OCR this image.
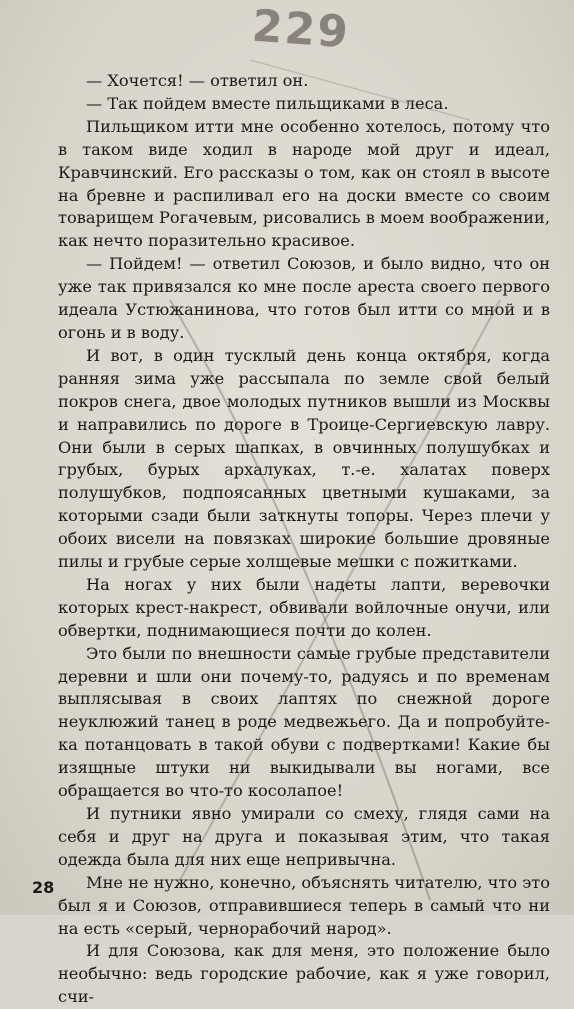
229

— Хочется! — ответил он.

— Так пойдем вместе пильщиками в леса.

Пильщиком итти мне особенно хотелось, потому что в таком виде ходил в народе мой друг и идеал, Кравчинский. Его рассказы о том, как он стоял в высоте на бревне и распиливал его на доски вместе со своим товарищем Рогачевым, рисовались в моем воображении, как нечто поразительно красивое.

— Пойдем! — ответил Союзов, и было видно, что он уже так привязался ко мне после ареста своего первого идеала Устюжанинова, что готов был итти со мной и в огонь и в воду.

И вот, в один тусклый день конца октября, когда ранняя зима уже рассыпала по земле свой белый покров снега, двое молодых путников вышли из Москвы и направились по дороге в Троице-Сергиевскую лавру. Они были в серых шапках, в овчинных полушубках и грубых, бурых архалуках, т.-е. халатах поверх полушубков, подпоясанных цветными кушаками, за которыми сзади были заткнуты топоры. Через плечи у обоих висели на повязках широкие большие дровяные пилы и грубые серые холщевые мешки с пожитками.

На ногах у них были надеты лапти, веревочки которых крест-накрест, обвивали войлочные онучи, или обвертки, поднимающиеся почти до колен.

Это были по внешности самые грубые представители деревни и шли они почему-то, радуясь и по временам выплясывая в своих лаптях по снежной дороге неуклюжий танец в роде медвежьего. Да и попробуйте-ка потанцовать в такой обуви с подвертками! Какие бы изящные штуки ни выкидывали вы ногами, все обращается во что-то косолапое!

И путники явно умирали со смеху, глядя сами на себя и друг на друга и показывая этим, что такая одежда была для них еще непривычна.

Мне не нужно, конечно, объяснять читателю, что это был я и Союзов, отправившиеся теперь в самый что ни на есть «серый, чернорабочий народ».

И для Союзова, как для меня, это положение было необычно: ведь городские рабочие, как я уже говорил, счи-

28
